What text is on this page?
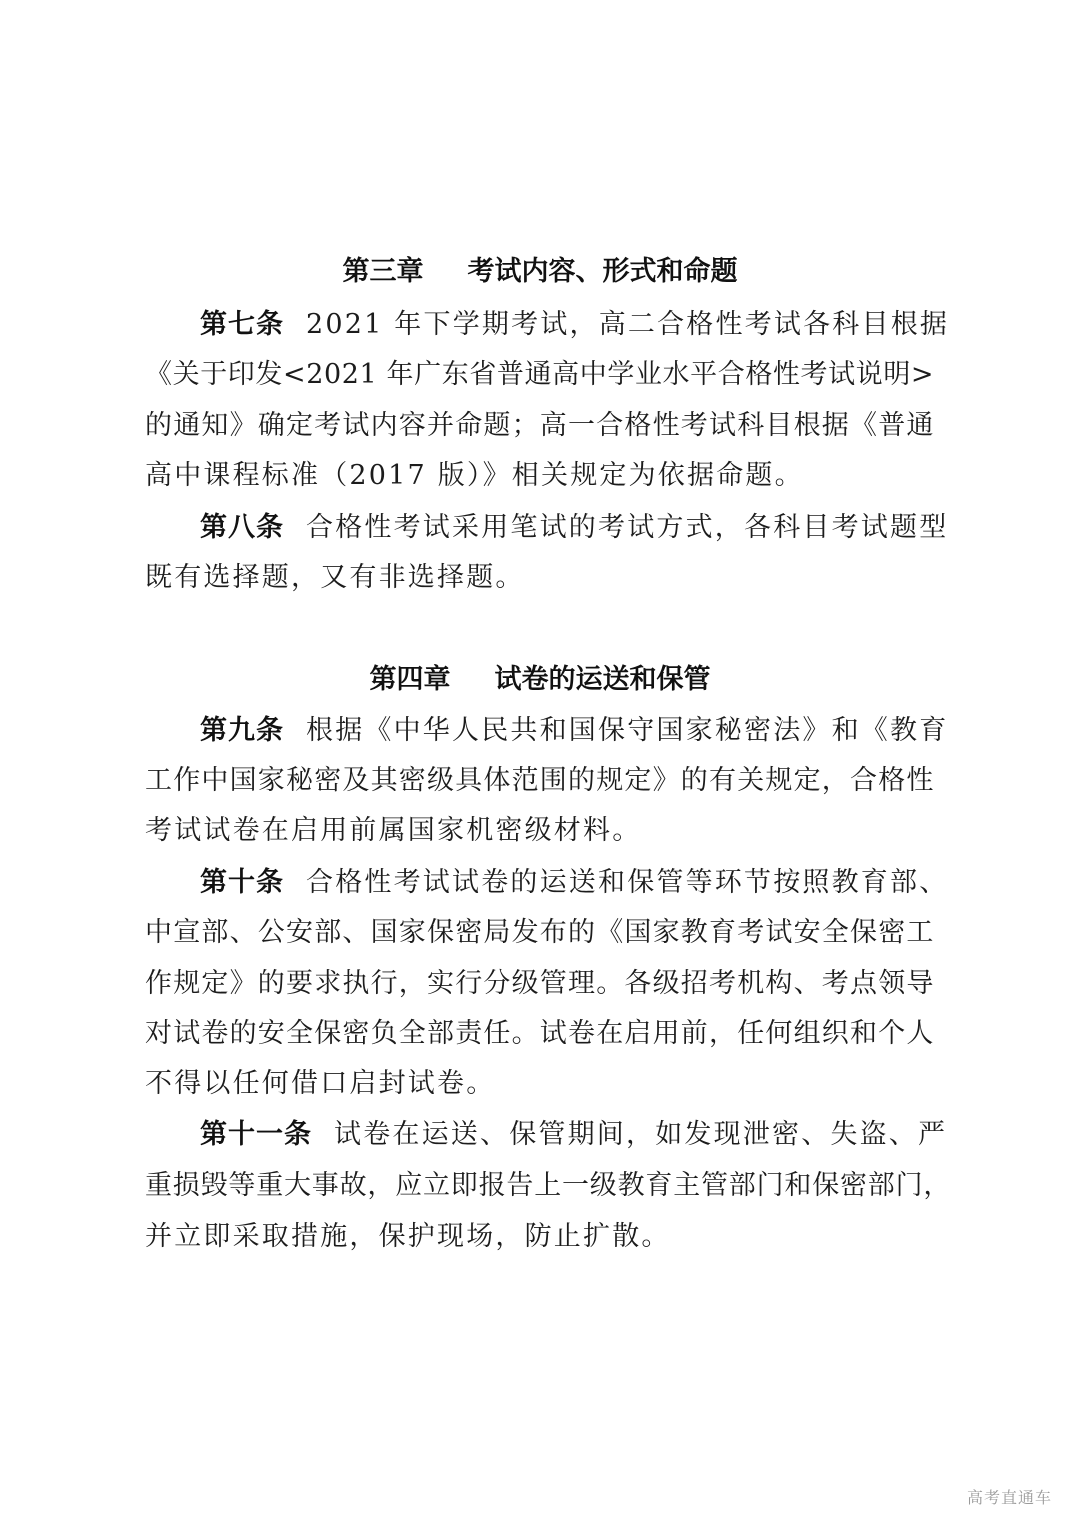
第三章 考试内容、形式和命题
第七条 2021 年下学期考试，高二合格性考试各科目根据
《关于印发<2021 年广东省普通高中学业水平合格性考试说明>
的通知》确定考试内容并命题；高一合格性考试科目根据《普通
高中课程标准（2017 版）》相关规定为依据命题。
第八条 合格性考试采用笔试的考试方式，各科目考试题型
既有选择题，又有非选择题。
第四章 试卷的运送和保管
第九条 根据《中华人民共和国保守国家秘密法》和《教育
工作中国家秘密及其密级具体范围的规定》的有关规定，合格性
考试试卷在启用前属国家机密级材料。
第十条 合格性考试试卷的运送和保管等环节按照教育部、
中宣部、公安部、国家保密局发布的《国家教育考试安全保密工
作规定》的要求执行，实行分级管理。各级招考机构、考点领导
对试卷的安全保密负全部责任。试卷在启用前，任何组织和个人
不得以任何借口启封试卷。
第十一条 试卷在运送、保管期间，如发现泄密、失盗、严
重损毁等重大事故，应立即报告上一级教育主管部门和保密部门，
并立即采取措施，保护现场，防止扩散。
高考直通车
